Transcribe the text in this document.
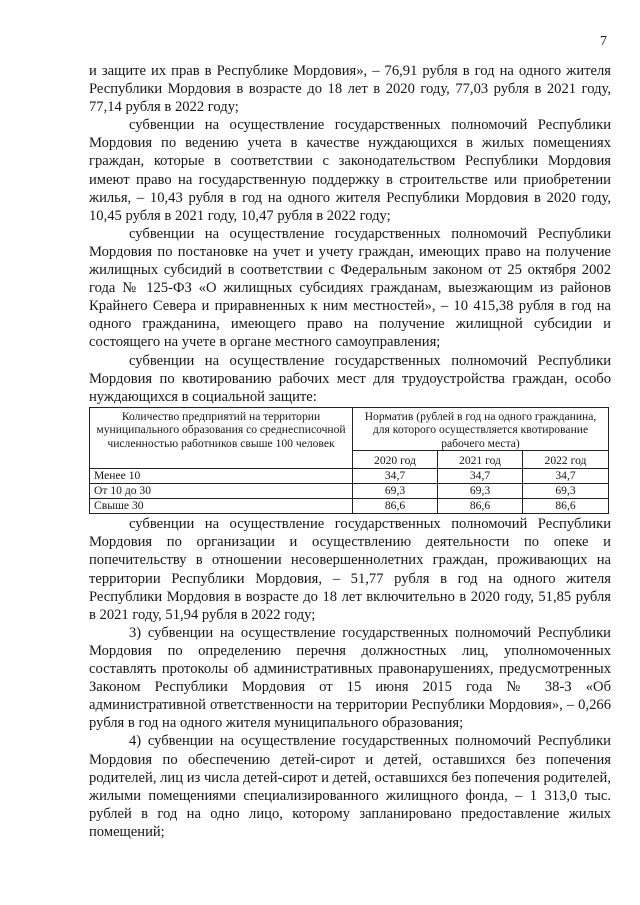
7

и защите их прав в Республике Мордовия», – 76,91 рубля в год на одного жителя Республики Мордовия в возрасте до 18 лет в 2020 году, 77,03 рубля в 2021 году, 77,14 рубля в 2022 году;

субвенции на осуществление государственных полномочий Республики Мордовия по ведению учета в качестве нуждающихся в жилых помещениях граждан, которые в соответствии с законодательством Республики Мордовия имеют право на государственную поддержку в строительстве или приобретении жилья, – 10,43 рубля в год на одного жителя Республики Мордовия в 2020 году, 10,45 рубля в 2021 году, 10,47 рубля в 2022 году;

субвенции на осуществление государственных полномочий Республики Мордовия по постановке на учет и учету граждан, имеющих право на получение жилищных субсидий в соответствии с Федеральным законом от 25 октября 2002 года № 125-ФЗ «О жилищных субсидиях гражданам, выезжающим из районов Крайнего Севера и приравненных к ним местностей», – 10 415,38 рубля в год на одного гражданина, имеющего право на получение жилищной субсидии и состоящего на учете в органе местного самоуправления;

субвенции на осуществление государственных полномочий Республики Мордовия по квотированию рабочих мест для трудоустройства граждан, особо нуждающихся в социальной защите:

Количество предприятий на территории муниципального образования со среднесписочной численностью работников свыше 100 человек	Норматив (рублей в год на одного гражданина, для которого осуществляется квотирование рабочего места)		
	2020 год	2021 год	2022 год
Менее 10	34,7	34,7	34,7
От 10 до 30	69,3	69,3	69,3
Свыше 30	86,6	86,6	86,6

субвенции на осуществление государственных полномочий Республики Мордовия по организации и осуществлению деятельности по опеке и попечительству в отношении несовершеннолетних граждан, проживающих на территории Республики Мордовия, – 51,77 рубля в год на одного жителя Республики Мордовия в возрасте до 18 лет включительно в 2020 году, 51,85 рубля в 2021 году, 51,94 рубля в 2022 году;

3) субвенции на осуществление государственных полномочий Республики Мордовия по определению перечня должностных лиц, уполномоченных составлять протоколы об административных правонарушениях, предусмотренных Законом Республики Мордовия от 15 июня 2015 года № 38-З «Об административной ответственности на территории Республики Мордовия», – 0,266 рубля в год на одного жителя муниципального образования;

4) субвенции на осуществление государственных полномочий Республики Мордовия по обеспечению детей-сирот и детей, оставшихся без попечения родителей, лиц из числа детей-сирот и детей, оставшихся без попечения родителей, жилыми помещениями специализированного жилищного фонда, – 1 313,0 тыс. рублей в год на одно лицо, которому запланировано предоставление жилых помещений;
